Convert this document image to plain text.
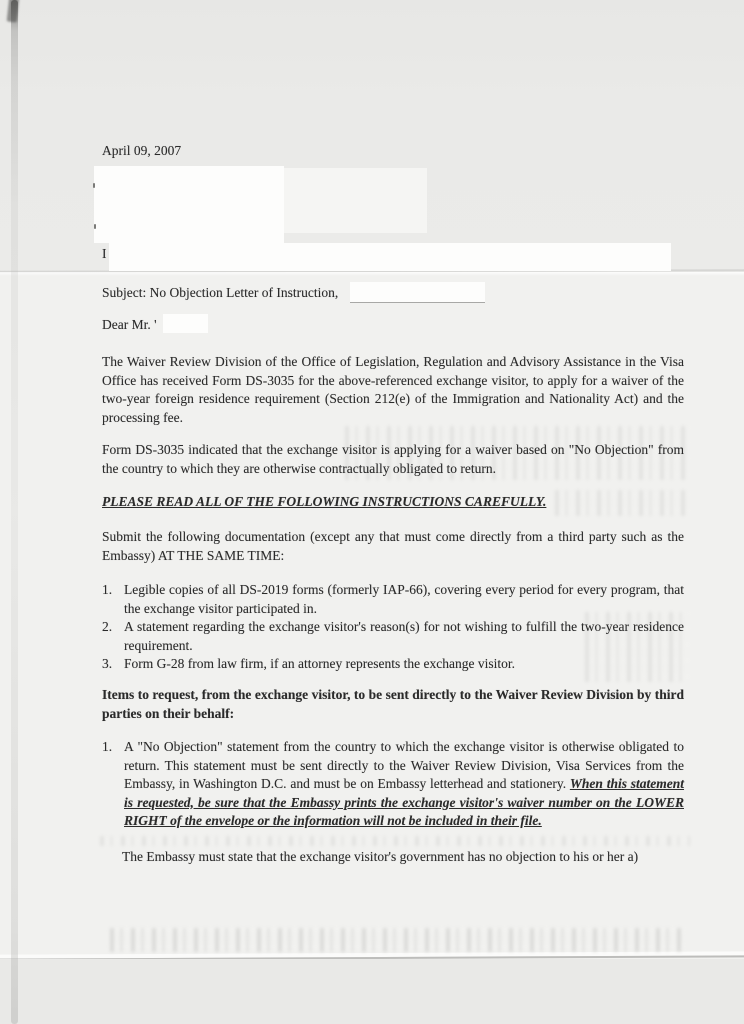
April 09, 2007
I
Subject: No Objection Letter of Instruction,
Dear Mr. '
The Waiver Review Division of the Office of Legislation, Regulation and Advisory Assistance in the Visa Office has received Form DS-3035 for the above-referenced exchange visitor, to apply for a waiver of the two-year foreign residence requirement (Section 212(e) of the Immigration and Nationality Act) and the processing fee.
Form DS-3035 indicated that the exchange visitor is applying for a waiver based on "No Objection" from the country to which they are otherwise contractually obligated to return.
PLEASE READ ALL OF THE FOLLOWING INSTRUCTIONS CAREFULLY.
Submit the following documentation (except any that must come directly from a third party such as the Embassy) AT THE SAME TIME:
1. Legible copies of all DS-2019 forms (formerly IAP-66), covering every period for every program, that the exchange visitor participated in.
2. A statement regarding the exchange visitor's reason(s) for not wishing to fulfill the two-year residence requirement.
3. Form G-28 from law firm, if an attorney represents the exchange visitor.
Items to request, from the exchange visitor, to be sent directly to the Waiver Review Division by third parties on their behalf:
1. A "No Objection" statement from the country to which the exchange visitor is otherwise obligated to return. This statement must be sent directly to the Waiver Review Division, Visa Services from the Embassy, in Washington D.C. and must be on Embassy letterhead and stationery. When this statement is requested, be sure that the Embassy prints the exchange visitor's waiver number on the LOWER RIGHT of the envelope or the information will not be included in their file.
The Embassy must state that the exchange visitor's government has no objection to his or her a)
